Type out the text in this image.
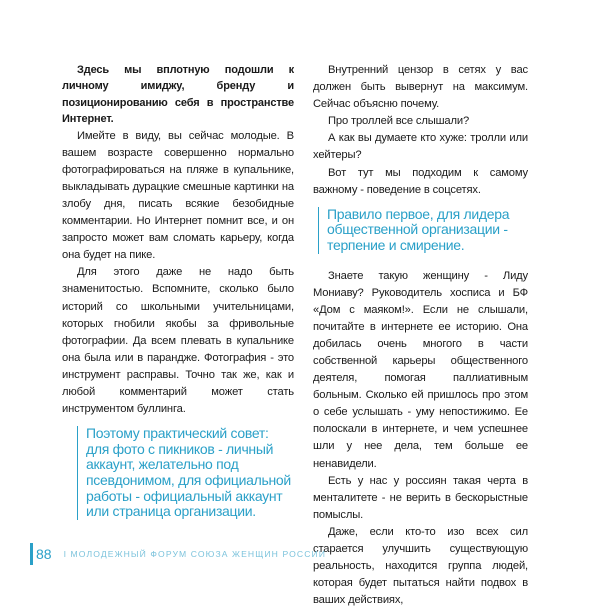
Здесь мы вплотную подошли к личному имиджу, бренду и позиционированию себя в пространстве Интернет.

Имейте в виду, вы сейчас молодые. В вашем возрасте совершенно нормально фотографироваться на пляже в купальнике, выкладывать дурацкие смешные картинки на злобу дня, писать всякие безобидные комментарии. Но Интернет помнит все, и он запросто может вам сломать карьеру, когда она будет на пике.

Для этого даже не надо быть знаменитостью. Вспомните, сколько было историй со школьными учительницами, которых гнобили якобы за фривольные фотографии. Да всем плевать в купальнике она была или в парандже. Фотография - это инструмент расправы. Точно так же, как и любой комментарий может стать инструментом буллинга.

Поэтому практический совет: для фото с пикников - личный аккаунт, желательно под псевдонимом, для официальной работы - официальный аккаунт или страница организации.

Внутренний цензор в сетях у вас должен быть вывернут на максимум. Сейчас объясню почему.

Про троллей все слышали?

А как вы думаете кто хуже: тролли или хейтеры?

Вот тут мы подходим к самому важному - поведение в соцсетях.

Правило первое, для лидера общественной организации - терпение и смирение.

Знаете такую женщину - Лиду Мониаву? Руководитель хосписа и БФ «Дом с маяком!». Если не слышали, почитайте в интернете ее историю. Она добилась очень многого в части собственной карьеры общественного деятеля, помогая паллиативным больным. Сколько ей пришлось про этом о себе услышать - уму непостижимо. Ее полоскали в интернете, и чем успешнее шли у нее дела, тем больше ее ненавидели.

Есть у нас у россиян такая черта в менталитете - не верить в бескорыстные помыслы.

Даже, если кто-то изо всех сил старается улучшить существующую реальность, находится группа людей, которая будет пытаться найти подвох в ваших действиях,

88 I МОЛОДЕЖНЫЙ ФОРУМ СОЮЗА ЖЕНЩИН РОССИИ
